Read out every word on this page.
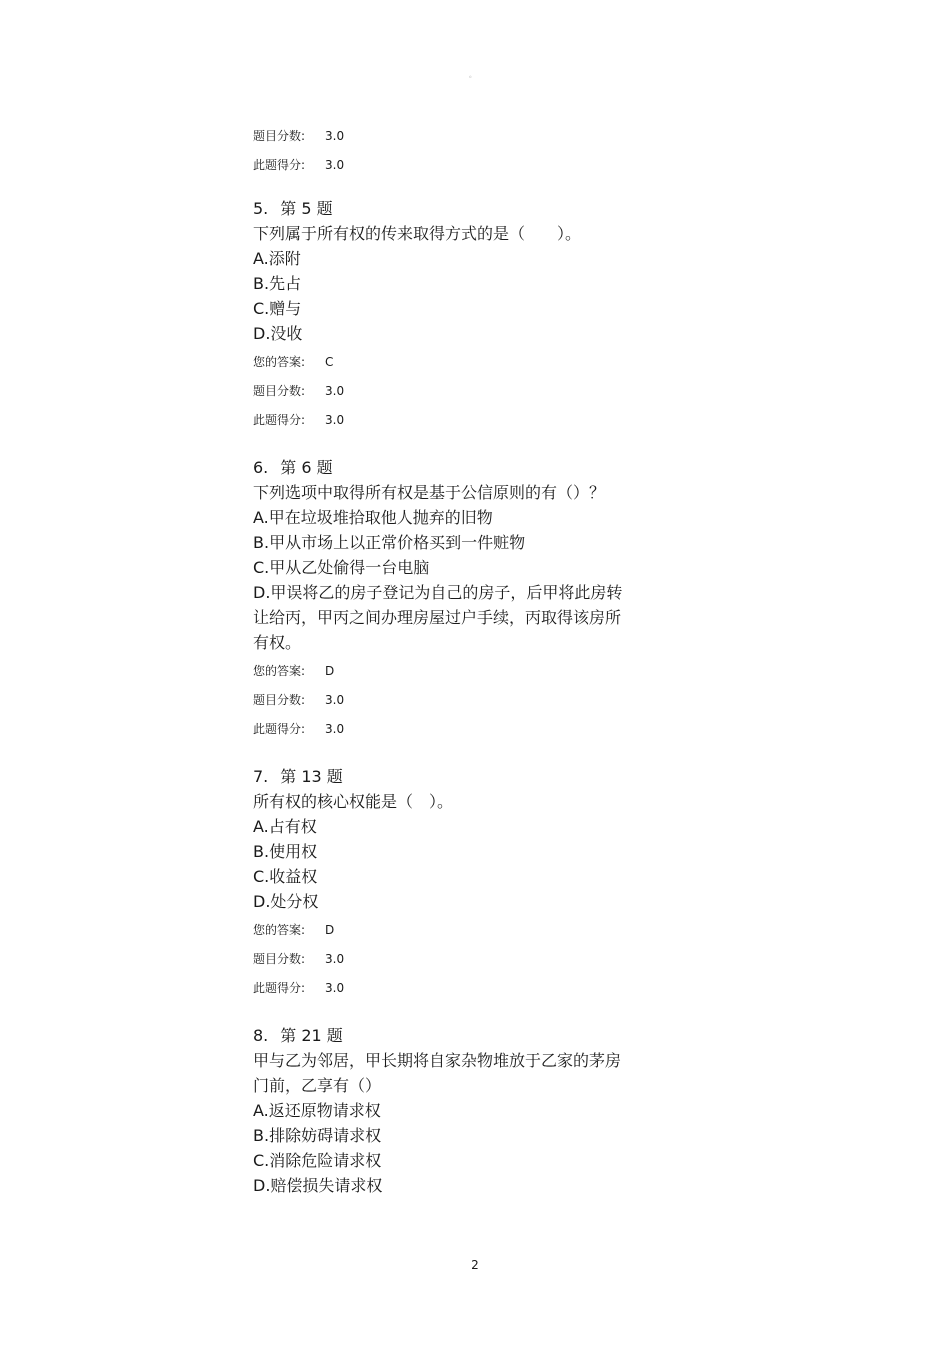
。
题目分数: 3.0
此题得分: 3.0
5. 第 5 题
下列属于所有权的传来取得方式的是（　　）。
A.添附
B.先占
C.赠与
D.没收
您的答案: C
题目分数: 3.0
此题得分: 3.0
6. 第 6 题
下列选项中取得所有权是基于公信原则的有（）？
A.甲在垃圾堆拾取他人抛弃的旧物
B.甲从市场上以正常价格买到一件赃物
C.甲从乙处偷得一台电脑
D.甲误将乙的房子登记为自己的房子，后甲将此房转
让给丙，甲丙之间办理房屋过户手续，丙取得该房所
有权。
您的答案: D
题目分数: 3.0
此题得分: 3.0
7. 第 13 题
所有权的核心权能是（　）。
A.占有权
B.使用权
C.收益权
D.处分权
您的答案: D
题目分数: 3.0
此题得分: 3.0
8. 第 21 题
甲与乙为邻居，甲长期将自家杂物堆放于乙家的茅房
门前，乙享有（）
A.返还原物请求权
B.排除妨碍请求权
C.消除危险请求权
D.赔偿损失请求权
2
